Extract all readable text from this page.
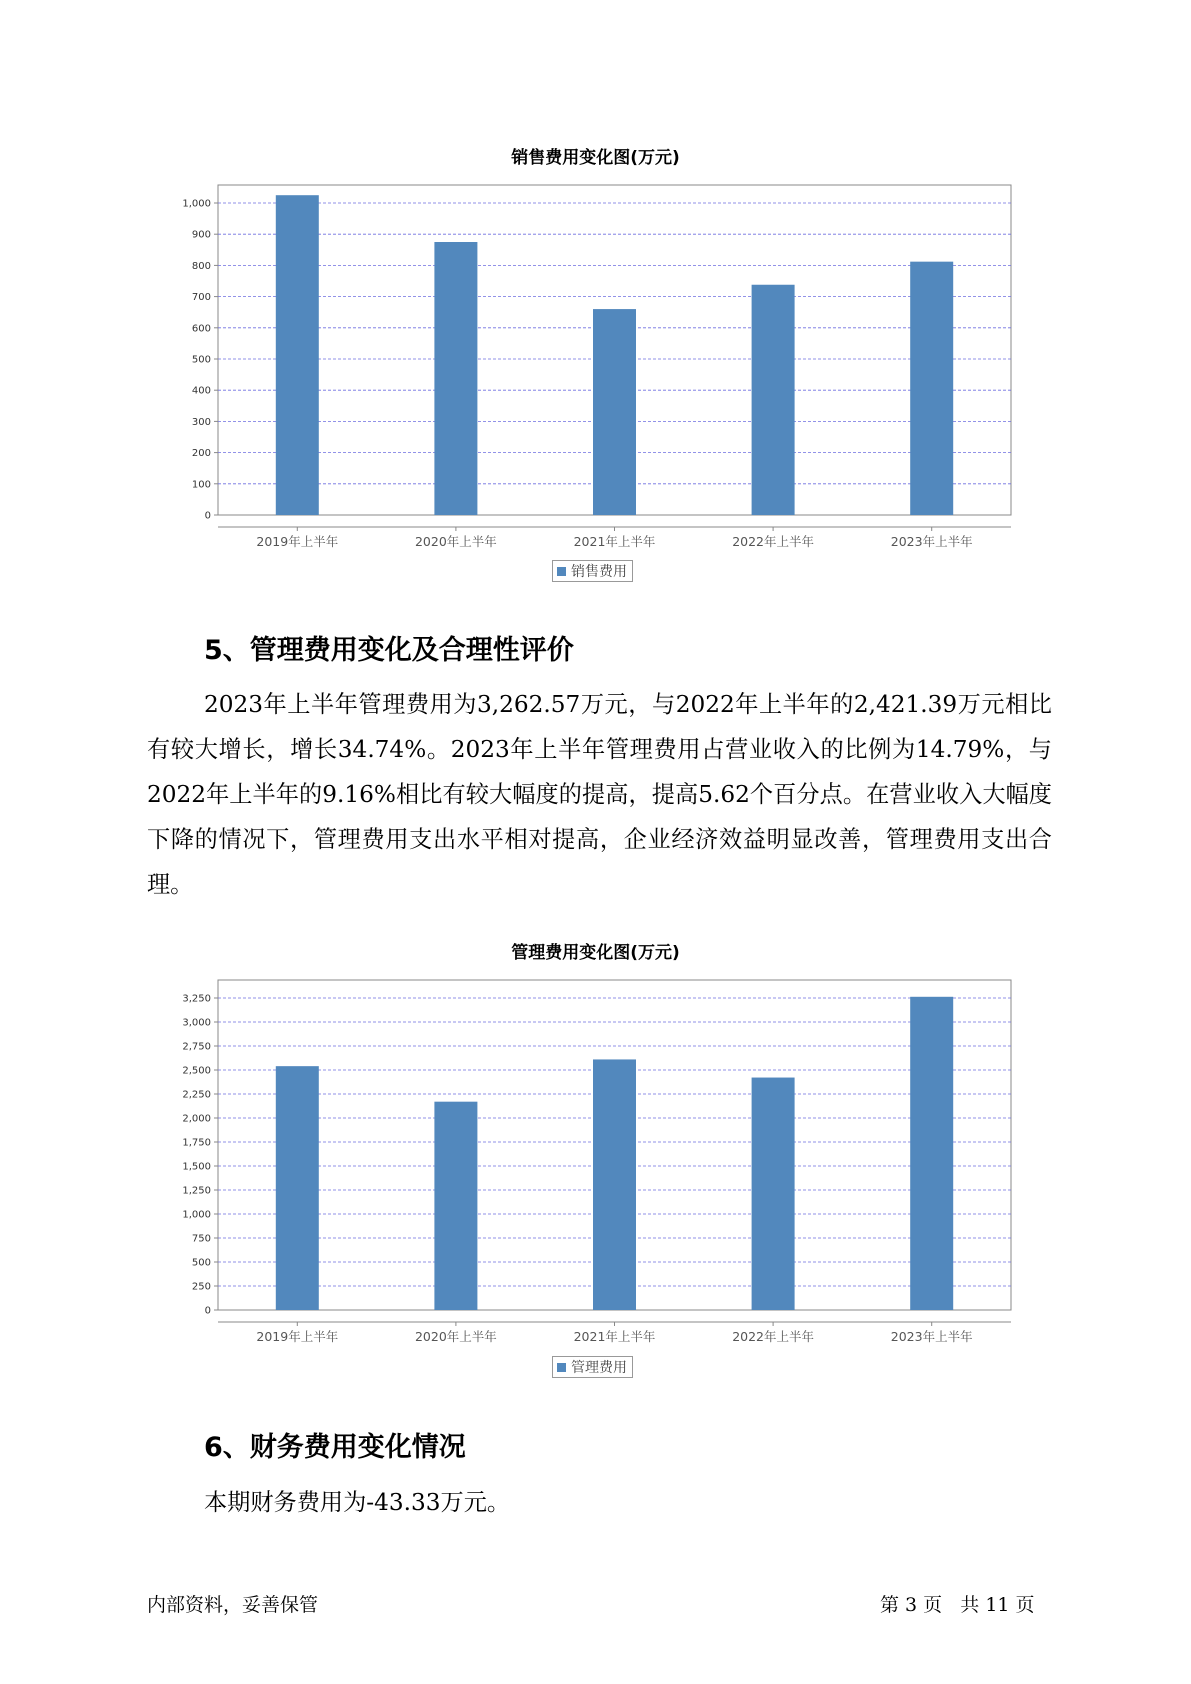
销售费用变化图(万元)
0
100
200
300
400
500
600
700
800
900
1,000
2019年上半年	2020年上半年	2021年上半年	2022年上半年	2023年上半年
销售费用
5、管理费用变化及合理性评价

2023年上半年管理费用为3,262.57万元，与2022年上半年的2,421.39万元相比有较大增长，增长34.74%。2023年上半年管理费用占营业收入的比例为14.79%，与2022年上半年的9.16%相比有较大幅度的提高，提高5.62个百分点。在营业收入大幅度下降的情况下，管理费用支出水平相对提高，企业经济效益明显改善，管理费用支出合理。

管理费用变化图(万元)
0
250
500
750
1,000
1,250
1,500
1,750
2,000
2,250
2,500
2,750
3,000
3,250
2019年上半年	2020年上半年	2021年上半年	2022年上半年	2023年上半年
管理费用
6、财务费用变化情况

本期财务费用为-43.33万元。

内部资料，妥善保管	第 3 页   共 11 页
